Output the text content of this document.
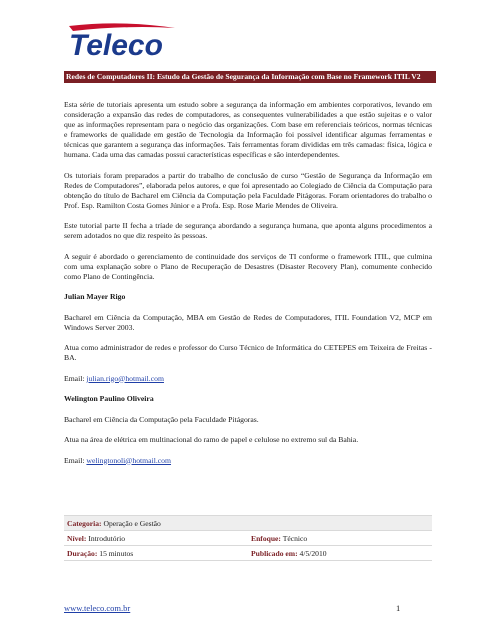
Teleco
Redes de Computadores II: Estudo da Gestão de Segurança da Informação com Base no Framework ITIL V2

Esta série de tutoriais apresenta um estudo sobre a segurança da informação em ambientes corporativos, levando em consideração a expansão das redes de computadores, as consequentes vulnerabilidades a que estão sujeitas e o valor que as informações representam para o negócio das organizações. Com base em referenciais teóricos, normas técnicas e frameworks de qualidade em gestão de Tecnologia da Informação foi possível identificar algumas ferramentas e técnicas que garantem a segurança das informações. Tais ferramentas foram divididas em três camadas: física, lógica e humana. Cada uma das camadas possui características específicas e são interdependentes.

Os tutoriais foram preparados a partir do trabalho de conclusão de curso “Gestão de Segurança da Informação em Redes de Computadores”, elaborada pelos autores, e que foi apresentado ao Colegiado de Ciência da Computação para obtenção do título de Bacharel em Ciência da Computação pela Faculdade Pitágoras. Foram orientadores do trabalho o Prof. Esp. Ramilton Costa Gomes Júnior e a Profa. Esp. Rose Marie Mendes de Oliveira.

Este tutorial parte II fecha a tríade de segurança abordando a segurança humana, que aponta alguns procedimentos a serem adotados no que diz respeito às pessoas.

A seguir é abordado o gerenciamento de continuidade dos serviços de TI conforme o framework ITIL, que culmina com uma explanação sobre o Plano de Recuperação de Desastres (Disaster Recovery Plan), comumente conhecido como Plano de Contingência.

Julian Mayer Rigo

Bacharel em Ciência da Computação, MBA em Gestão de Redes de Computadores, ITIL Foundation V2, MCP em Windows Server 2003.

Atua como administrador de redes e professor do Curso Técnico de Informática do CETEPES em Teixeira de Freitas - BA.

Email: julian.rigo@hotmail.com

Welington Paulino Oliveira

Bacharel em Ciência da Computação pela Faculdade Pitágoras.

Atua na área de elétrica em multinacional do ramo de papel e celulose no extremo sul da Bahia.

Email: welingtonoli@hotmail.com

Categoria: Operação e Gestão	
Nível: Introdutório	Enfoque: Técnico
Duração: 15 minutos	Publicado em: 4/5/2010
www.teleco.com.br	1
